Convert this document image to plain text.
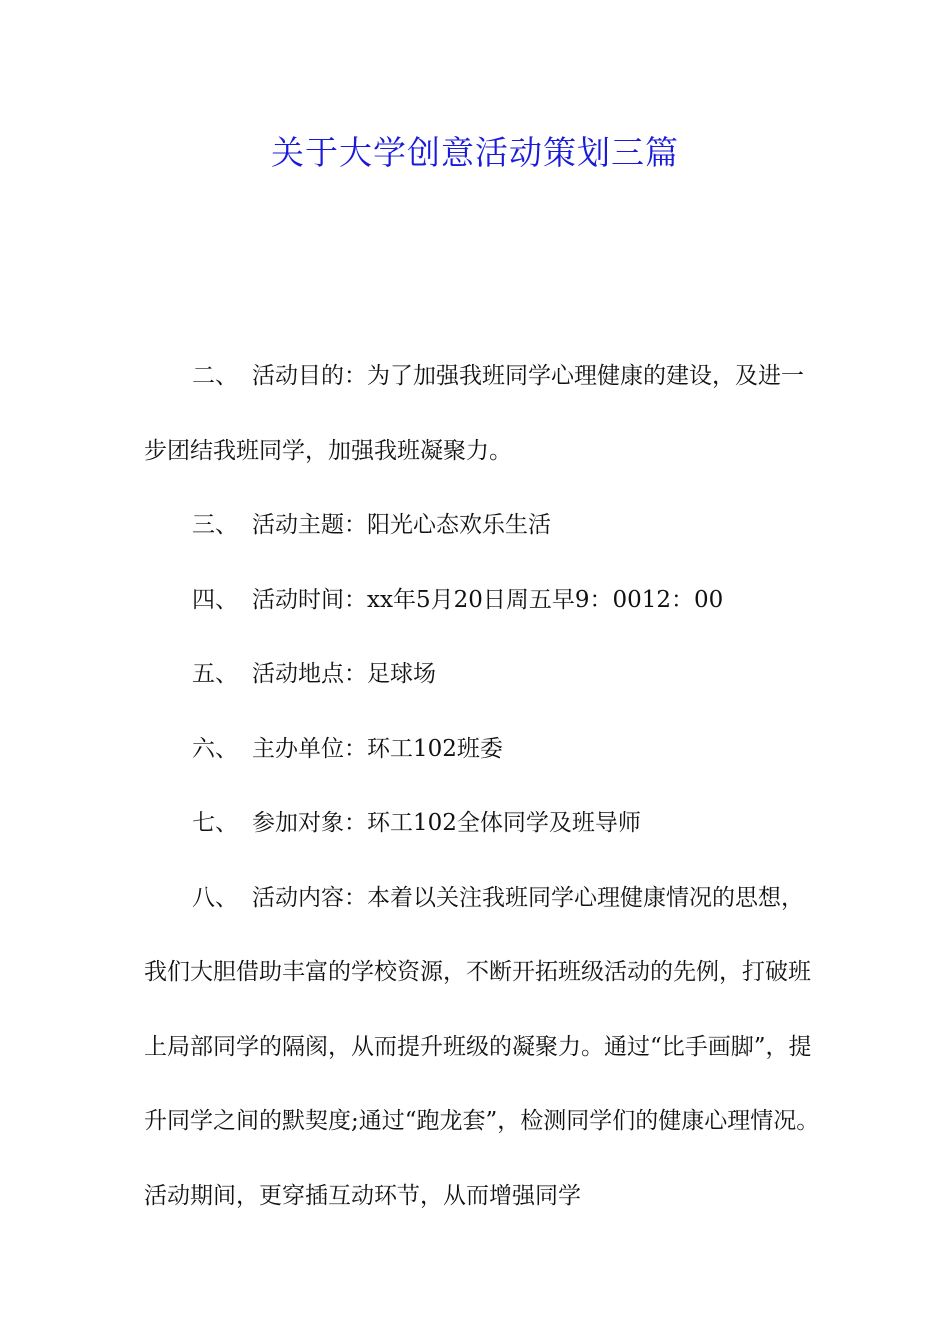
关于大学创意活动策划三篇

二、 活动目的：为了加强我班同学心理健康的建设，及进一步团结我班同学，加强我班凝聚力。

三、 活动主题：阳光心态欢乐生活

四、 活动时间：xx年5月20日周五早9：0012：00

五、 活动地点：足球场

六、 主办单位：环工102班委

七、 参加对象：环工102全体同学及班导师

八、 活动内容：本着以关注我班同学心理健康情况的思想，我们大胆借助丰富的学校资源，不断开拓班级活动的先例，打破班上局部同学的隔阂，从而提升班级的凝聚力。通过“比手画脚”，提升同学之间的默契度;通过“跑龙套”，检测同学们的健康心理情况。活动期间，更穿插互动环节，从而增强同学
